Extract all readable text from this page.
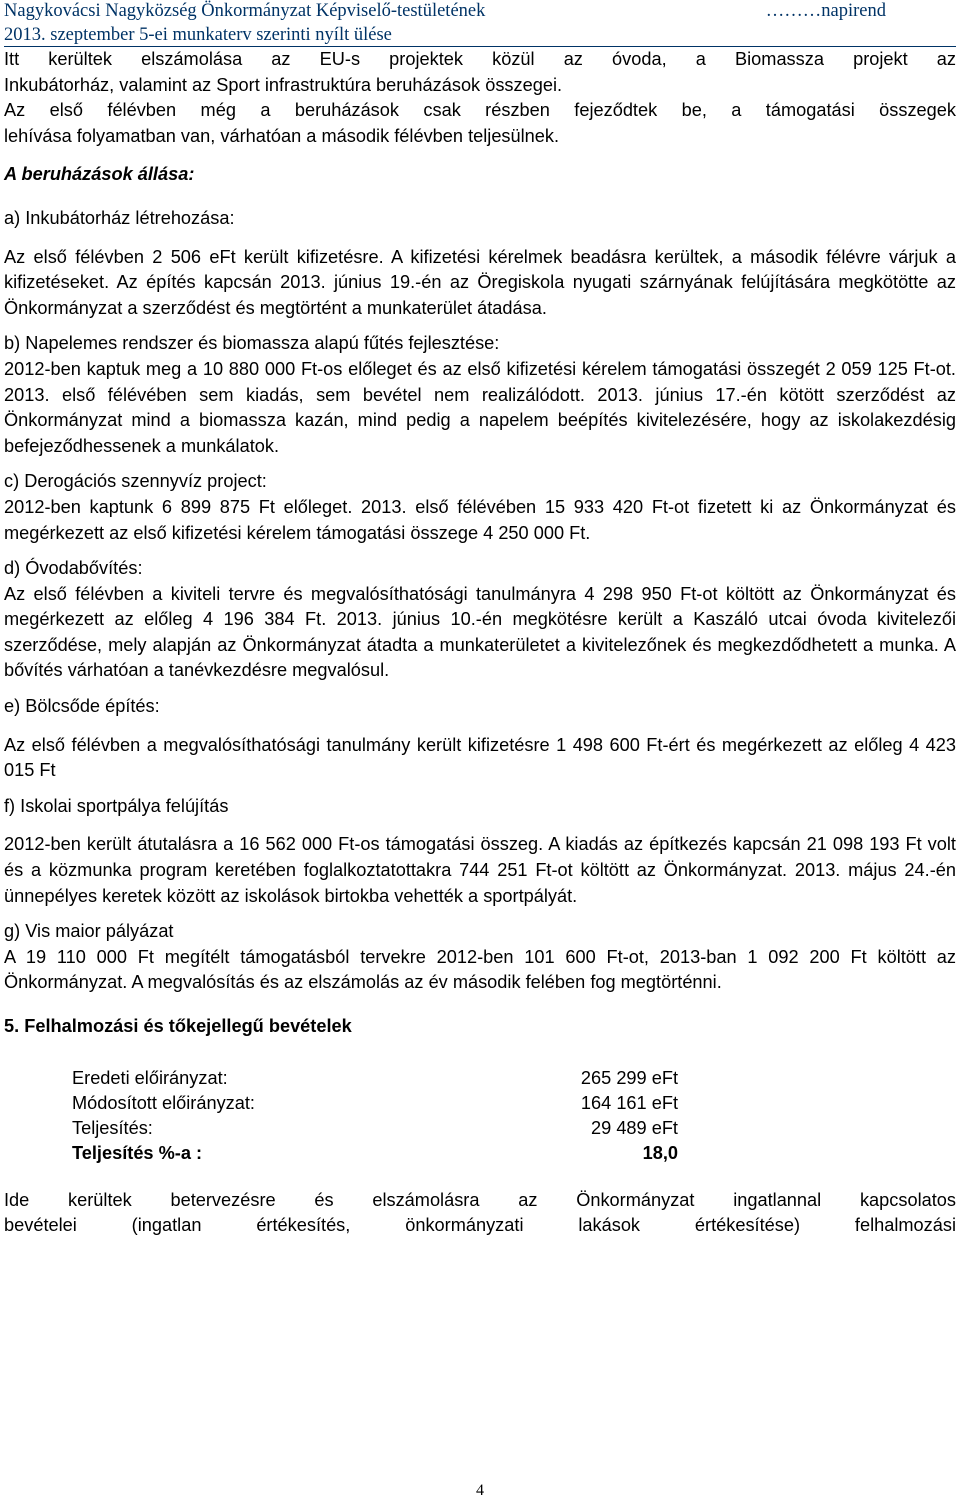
Nagykovácsi Nagyközség Önkormányzat Képviselő-testületének	………napirend
2013. szeptember 5-ei munkaterv szerinti nyílt ülése

Itt kerültek elszámolása az EU-s projektek közül az óvoda, a Biomassza projekt az

Inkubátorház, valamint az Sport infrastruktúra beruházások összegei.

Az első félévben még a beruházások csak részben fejeződtek be, a támogatási összegek

lehívása folyamatban van, várhatóan a második félévben teljesülnek.

A beruházások állása:

a) Inkubátorház létrehozása:

Az első félévben 2 506 eFt került kifizetésre. A kifizetési kérelmek beadásra kerültek, a második félévre várjuk a kifizetéseket. Az építés kapcsán 2013. június 19.-én az Öregiskola nyugati szárnyának felújítására megkötötte az Önkormányzat a szerződést és megtörtént a munkaterület átadása.

b) Napelemes rendszer és biomassza alapú fűtés fejlesztése:

2012-ben kaptuk meg a 10 880 000 Ft-os előleget és az első kifizetési kérelem támogatási összegét 2 059 125 Ft-ot. 2013. első félévében sem kiadás, sem bevétel nem realizálódott. 2013. június 17.-én kötött szerződést az Önkormányzat mind a biomassza kazán, mind pedig a napelem beépítés kivitelezésére, hogy az iskolakezdésig befejeződhessenek a munkálatok.

c) Derogációs szennyvíz project:

2012-ben kaptunk 6 899 875 Ft előleget. 2013. első félévében 15 933 420 Ft-ot fizetett ki az Önkormányzat és megérkezett az első kifizetési kérelem támogatási összege 4 250 000 Ft.

d) Óvodabővítés:

Az első félévben a kiviteli tervre és megvalósíthatósági tanulmányra 4 298 950 Ft-ot költött az Önkormányzat és megérkezett az előleg 4 196 384 Ft. 2013. június 10.-én megkötésre került a Kaszáló utcai óvoda kivitelezői szerződése, mely alapján az Önkormányzat átadta a munkaterületet a kivitelezőnek és megkezdődhetett a munka. A bővítés várhatóan a tanévkezdésre megvalósul.

e) Bölcsőde építés:

Az első félévben a megvalósíthatósági tanulmány került kifizetésre 1 498 600 Ft-ért és megérkezett az előleg 4 423 015 Ft

f) Iskolai sportpálya felújítás

2012-ben került átutalásra a 16 562 000 Ft-os támogatási összeg. A kiadás az építkezés kapcsán 21 098 193 Ft volt és a közmunka program keretében foglalkoztatottakra 744 251 Ft-ot költött az Önkormányzat. 2013. május 24.-én ünnepélyes keretek között az iskolások birtokba vehették a sportpályát.

g) Vis maior pályázat

A 19 110 000 Ft megítélt támogatásból tervekre 2012-ben 101 600 Ft-ot, 2013-ban 1 092 200 Ft költött az Önkormányzat. A megvalósítás és az elszámolás az év második felében fog megtörténni.

5. Felhalmozási és tőkejellegű bevételek

Eredeti előirányzat:	265 299 eFt
Módosított előirányzat:	164 161 eFt
Teljesítés:	29 489 eFt
Teljesítés %-a :	18,0

Ide kerültek betervezésre és elszámolásra az Önkormányzat ingatlannal kapcsolatos

bevételei (ingatlan értékesítés, önkormányzati lakások értékesítése) felhalmozási

4
